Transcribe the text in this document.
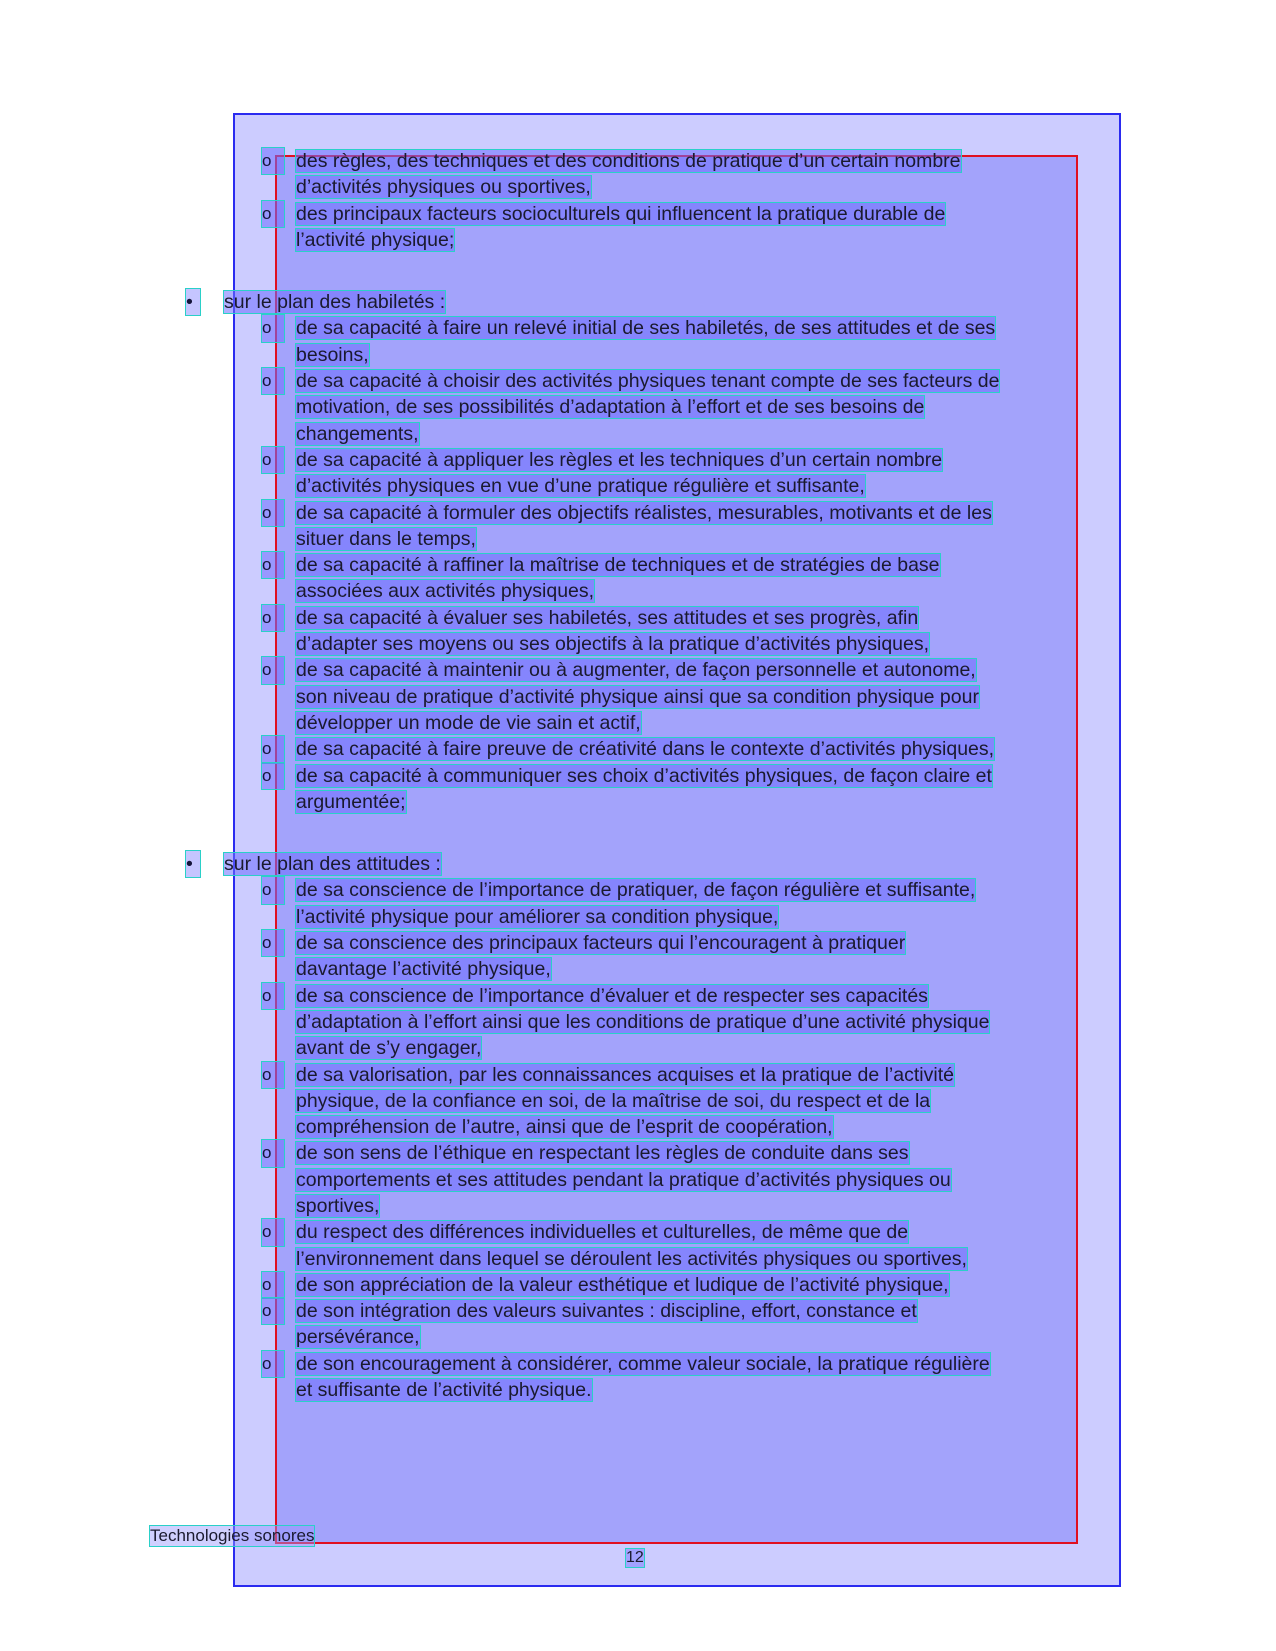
o	des règles, des techniques et des conditions de pratique d’un certain nombre
d’activités physiques ou sportives,
o	des principaux facteurs socioculturels qui influencent la pratique durable de
l’activité physique;
•	sur le plan des habiletés :
o	de sa capacité à faire un relevé initial de ses habiletés, de ses attitudes et de ses
besoins,
o	de sa capacité à choisir des activités physiques tenant compte de ses facteurs de
motivation, de ses possibilités d’adaptation à l’effort et de ses besoins de
changements,
o	de sa capacité à appliquer les règles et les techniques d’un certain nombre
d’activités physiques en vue d’une pratique régulière et suffisante,
o	de sa capacité à formuler des objectifs réalistes, mesurables, motivants et de les
situer dans le temps,
o	de sa capacité à raffiner la maîtrise de techniques et de stratégies de base
associées aux activités physiques,
o	de sa capacité à évaluer ses habiletés, ses attitudes et ses progrès, afin
d’adapter ses moyens ou ses objectifs à la pratique d’activités physiques,
o	de sa capacité à maintenir ou à augmenter, de façon personnelle et autonome,
son niveau de pratique d’activité physique ainsi que sa condition physique pour
développer un mode de vie sain et actif,
o	de sa capacité à faire preuve de créativité dans le contexte d’activités physiques,
o	de sa capacité à communiquer ses choix d’activités physiques, de façon claire et
argumentée;
•	sur le plan des attitudes :
o	de sa conscience de l’importance de pratiquer, de façon régulière et suffisante,
l’activité physique pour améliorer sa condition physique,
o	de sa conscience des principaux facteurs qui l’encouragent à pratiquer
davantage l’activité physique,
o	de sa conscience de l’importance d’évaluer et de respecter ses capacités
d’adaptation à l’effort ainsi que les conditions de pratique d’une activité physique
avant de s’y engager,
o	de sa valorisation, par les connaissances acquises et la pratique de l’activité
physique, de la confiance en soi, de la maîtrise de soi, du respect et de la
compréhension de l’autre, ainsi que de l’esprit de coopération,
o	de son sens de l’éthique en respectant les règles de conduite dans ses
comportements et ses attitudes pendant la pratique d’activités physiques ou
sportives,
o	du respect des différences individuelles et culturelles, de même que de
l’environnement dans lequel se déroulent les activités physiques ou sportives,
o	de son appréciation de la valeur esthétique et ludique de l’activité physique,
o	de son intégration des valeurs suivantes : discipline, effort, constance et
persévérance,
o	de son encouragement à considérer, comme valeur sociale, la pratique régulière
et suffisante de l’activité physique.
Technologies sonores
12
